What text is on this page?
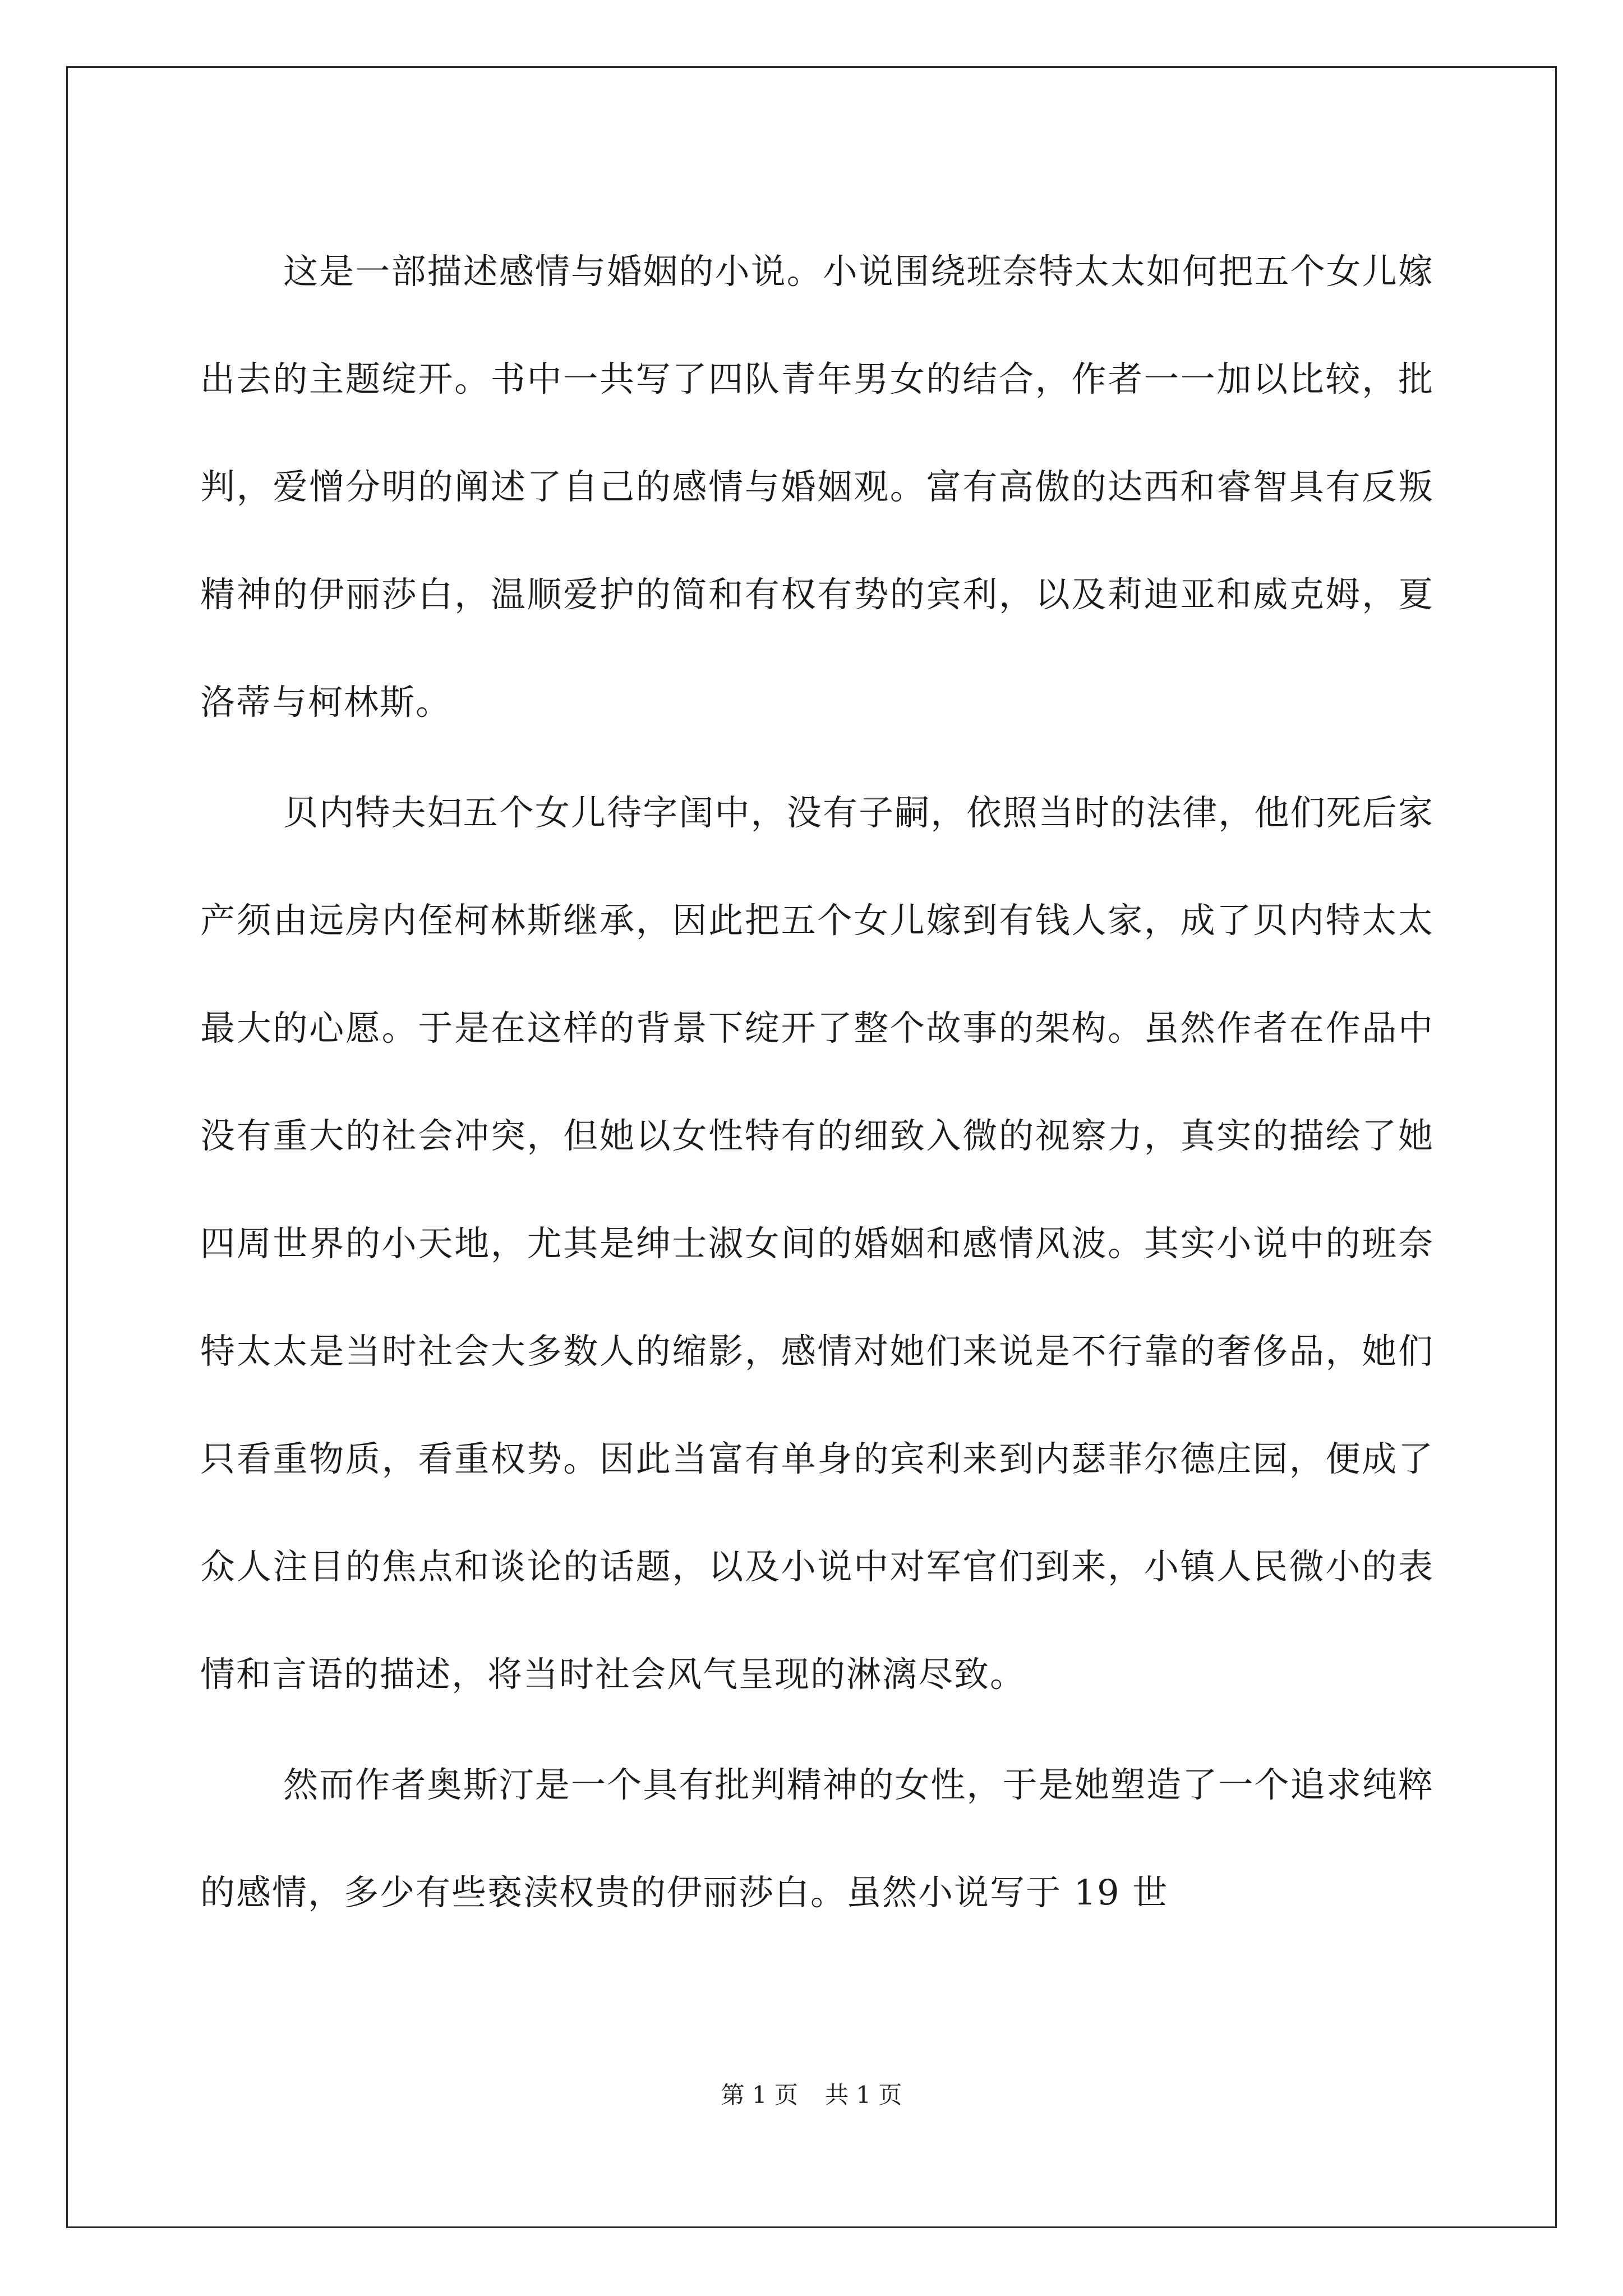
这是一部描述感情与婚姻的小说。小说围绕班奈特太太如何把五个女儿嫁出去的主题绽开。书中一共写了四队青年男女的结合，作者一一加以比较，批判，爱憎分明的阐述了自己的感情与婚姻观。富有高傲的达西和睿智具有反叛精神的伊丽莎白，温顺爱护的简和有权有势的宾利，以及莉迪亚和威克姆，夏洛蒂与柯林斯。

贝内特夫妇五个女儿待字闺中，没有子嗣，依照当时的法律，他们死后家产须由远房内侄柯林斯继承，因此把五个女儿嫁到有钱人家，成了贝内特太太最大的心愿。于是在这样的背景下绽开了整个故事的架构。虽然作者在作品中没有重大的社会冲突，但她以女性特有的细致入微的视察力，真实的描绘了她四周世界的小天地，尤其是绅士淑女间的婚姻和感情风波。其实小说中的班奈特太太是当时社会大多数人的缩影，感情对她们来说是不行靠的奢侈品，她们只看重物质，看重权势。因此当富有单身的宾利来到内瑟菲尔德庄园，便成了众人注目的焦点和谈论的话题，以及小说中对军官们到来，小镇人民微小的表情和言语的描述，将当时社会风气呈现的淋漓尽致。

然而作者奥斯汀是一个具有批判精神的女性，于是她塑造了一个追求纯粹的感情，多少有些亵渎权贵的伊丽莎白。虽然小说写于 19 世

第 1 页 共 1 页
